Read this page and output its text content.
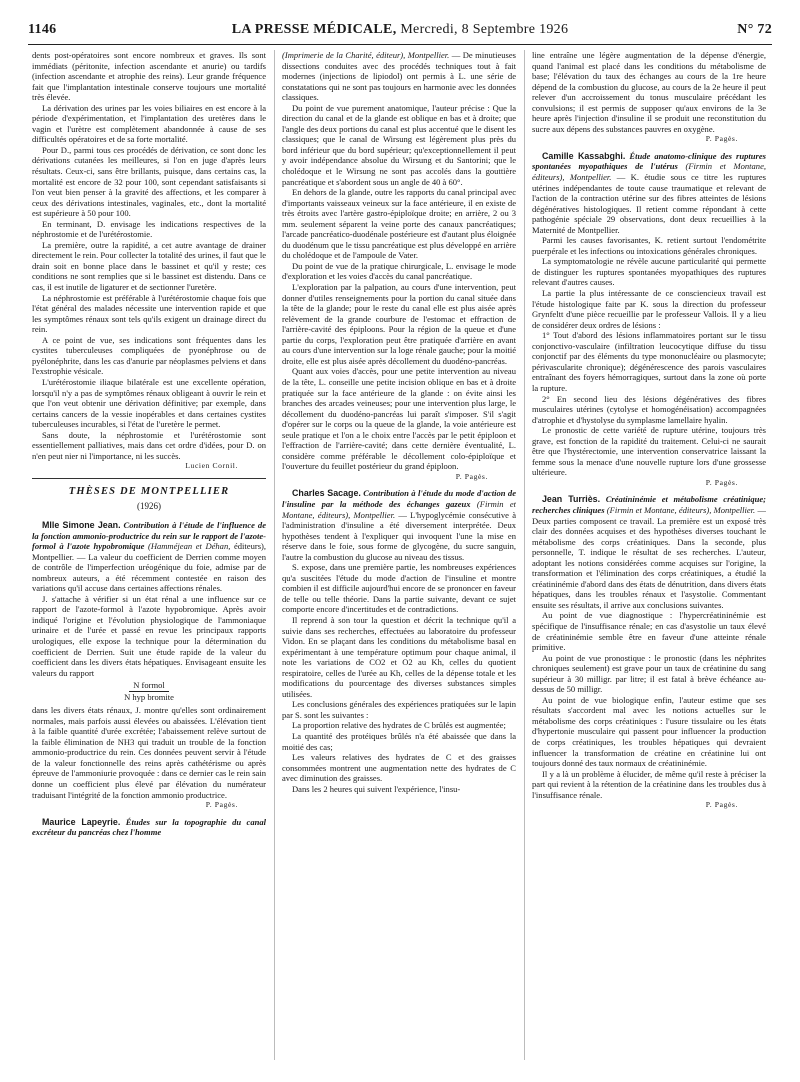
1146	LA PRESSE MÉDICALE, Mercredi, 8 Septembre 1926	N° 72

dents post-opératoires sont encore nombreux et graves. Ils sont immédiats (péritonite, infection ascendante et anurie) ou tardifs (infection ascendante et atrophie des reins). Leur grande fréquence fait que l'implantation intestinale conserve toujours une mortalité très élevée.

La dérivation des urines par les voies biliaires en est encore à la période d'expérimentation, et l'implantation des uretères dans le vagin et l'urètre est complètement abandonnée à cause de ses difficultés opératoires et de sa forte mortalité.

Pour D., parmi tous ces procédés de dérivation, ce sont donc les dérivations cutanées les meilleures, si l'on en juge d'après leurs résultats. Ceux-ci, sans être brillants, puisque, dans certains cas, la mortalité est encore de 32 pour 100, sont cependant satisfaisants si l'on veut bien penser à la gravité des affections, et les comparer à ceux des dérivations intestinales, vaginales, etc., dont la mortalité est supérieure à 50 pour 100.

En terminant, D. envisage les indications respectives de la néphrostomie et de l'urétérostomie.

La première, outre la rapidité, a cet autre avantage de drainer directement le rein. Pour collecter la totalité des urines, il faut que le drain soit en bonne place dans le bassinet et qu'il y reste; ces conditions ne sont remplies que si le bassinet est distendu. Dans ce cas, il est inutile de ligaturer et de sectionner l'uretère.

La néphrostomie est préférable à l'urétérostomie chaque fois que l'état général des malades nécessite une intervention rapide et que les symptômes rénaux sont tels qu'ils exigent un drainage direct du rein.

A ce point de vue, ses indications sont fréquentes dans les cystites tuberculeuses compliquées de pyonéphrose ou de pyélonéphrite, dans les cas d'anurie par néoplasmes pelviens et dans l'exstrophie vésicale.

L'urétérostomie iliaque bilatérale est une excellente opération, lorsqu'il n'y a pas de symptômes rénaux obligeant à ouvrir le rein et que l'on veut obtenir une dérivation définitive; par exemple, dans certains cancers de la vessie inopérables et dans certaines cystites tuberculeuses incurables, si l'état de l'uretère le permet.

Sans doute, la néphrostomie et l'urétérostomie sont essentiellement palliatives, mais dans cet ordre d'idées, pour D. on n'en peut nier ni l'importance, ni les succès.

Lucien Cornil.
THÈSES DE MONTPELLIER
(1926)

Mlle Simone Jean. Contribution à l'étude de l'influence de la fonction ammonio-productrice du rein sur le rapport de l'azote-formol à l'azote hypobromique (Hamméjean et Déhan, éditeurs), Montpellier. — La valeur du coefficient de Derrien comme moyen de contrôle de l'imperfection uréogénique du foie, admise par de nombreux auteurs, a été récemment contestée en raison des variations qu'il accuse dans certaines affections rénales.

J. s'attache à vérifier si un état rénal a une influence sur ce rapport de l'azote-formol à l'azote hypobromique. Après avoir indiqué l'origine et l'évolution physiologique de l'ammoniaque urinaire et de l'urée et passé en revue les principaux rapports urologiques, elle expose la technique pour la détermination du coefficient de Derrien. Suit une étude rapide de la valeur du coefficient dans les divers états hépatiques. Envisageant ensuite les valeurs du rapport

N formol
N hyp bromite

dans les divers états rénaux, J. montre qu'elles sont ordinairement normales, mais parfois aussi élevées ou abaissées. L'élévation tient à la faible quantité d'urée excrétée; l'abaissement relève surtout de la faible élimination de NH3 qui traduit un trouble de la fonction ammonio-productrice du rein. Ces données peuvent servir à l'étude de la valeur fonctionnelle des reins après cathétérisme ou après épreuve de l'ammoniurie provoquée : dans ce dernier cas le rein sain donne un coefficient plus élevé par élévation du numérateur traduisant l'intégrité de la fonction ammonio productrice.

P. Pagès.

Maurice Lapeyrie. Études sur la topographie du canal excréteur du pancréas chez l'homme

(Imprimerie de la Charité, éditeur), Montpellier. — De minutieuses dissections conduites avec des procédés techniques tout à fait modernes (injections de lipiodol) ont permis à L. une série de constatations qui ne sont pas toujours en harmonie avec les données classiques.

Du point de vue purement anatomique, l'auteur précise : Que la direction du canal et de la glande est oblique en bas et à droite; que l'angle des deux portions du canal est plus accentué que le disent les classiques; que le canal de Wirsung est légèrement plus près du bord inférieur que du bord supérieur; qu'exceptionnellement il peut y avoir indépendance absolue du Wirsung et du Santorini; que le cholédoque et le Wirsung ne sont pas accolés dans la gouttière pancréatique et s'abordent sous un angle de 40 à 60°.

En dehors de la glande, outre les rapports du canal principal avec d'importants vaisseaux veineux sur la face antérieure, il en existe de très étroits avec l'artère gastro-épiploïque droite; en arrière, 2 ou 3 mm. seulement séparent la veine porte des canaux pancréatiques; l'arcade pancréatico-duodénale postérieure est d'autant plus éloignée du duodénum que le tissu pancréatique est plus développé en arrière du cholédoque et de l'ampoule de Vater.

Du point de vue de la pratique chirurgicale, L. envisage le mode d'exploration et les voies d'accès du canal pancréatique.

L'exploration par la palpation, au cours d'une intervention, peut donner d'utiles renseignements pour la portion du canal située dans la tête de la glande; pour le reste du canal elle est plus aisée après relèvement de la grande courbure de l'estomac et effraction de l'arrière-cavité des épiploons. Pour la région de la queue et d'une partie du corps, l'exploration peut être pratiquée d'arrière en avant au cours d'une intervention sur la loge rénale gauche; pour la moitié droite, elle est plus aisée après décollement du duodéno-pancréas.

Quant aux voies d'accès, pour une petite intervention au niveau de la tête, L. conseille une petite incision oblique en bas et à droite pratiquée sur la face antérieure de la glande : on évite ainsi les branches des arcades veineuses; pour une intervention plus large, le décollement du duodéno-pancréas lui paraît s'imposer. S'il s'agit d'opérer sur le corps ou la queue de la glande, la voie antérieure est seule pratique et l'on a le choix entre l'accès par le petit épiploon et l'effraction de l'arrière-cavité; dans cette dernière éventualité, L. considère comme préférable le décollement colo-épiploïque et l'ouverture du feuillet postérieur du grand épiploon.

P. Pagès.

Charles Sacage. Contribution à l'étude du mode d'action de l'insuline par la méthode des échanges gazeux (Firmin et Montane, éditeurs), Montpellier. — L'hypoglycémie consécutive à l'administration d'insuline a été diversement interprétée. Deux hypothèses tendent à l'expliquer qui invoquent l'une la mise en réserve dans le foie, sous forme de glycogène, du sucre sanguin, l'autre la combustion du glucose au niveau des tissus.

S. expose, dans une première partie, les nombreuses expériences qu'a suscitées l'étude du mode d'action de l'insuline et montre combien il est difficile aujourd'hui encore de se prononcer en faveur de telle ou telle théorie. Dans la partie suivante, devant ce sujet comporte encore d'incertitudes et de contradictions.

Il reprend à son tour la question et décrit la technique qu'il a suivie dans ses recherches, effectuées au laboratoire du professeur Vidon. En se plaçant dans les conditions du métabolisme basal en expérimentant à une température optimum pour chaque animal, il note les variations de CO2 et O2 au Kh, celles du quotient respiratoire, celles de l'urée au Kh, celles de la dépense totale et les modifications du pourcentage des diverses substances simples utilisées.

Les conclusions générales des expériences pratiquées sur le lapin par S. sont les suivantes :

La proportion relative des hydrates de C brûlés est augmentée;

La quantité des protéiques brûlés n'a été abaissée que dans la moitié des cas;

Les valeurs relatives des hydrates de C et des graisses consommées montrent une augmentation nette des hydrates de C avec diminution des graisses.

Dans les 2 heures qui suivent l'expérience, l'insu-

line entraîne une légère augmentation de la dépense d'énergie, quand l'animal est placé dans les conditions du métabolisme de base; l'élévation du taux des échanges au cours de la 1re heure dépend de la combustion du glucose, au cours de la 2e heure il peut relever d'un accroissement du tonus musculaire précédant les convulsions; il est permis de supposer qu'aux environs de la 3e heure après l'injection d'insuline il se produit une reconstitution du sucre aux dépens des substances pauvres en oxygène.

P. Pagès.

Camille Kassabghi. Étude anatomo-clinique des ruptures spontanées myopathiques de l'utérus (Firmin et Montane, éditeurs), Montpellier. — K. étudie sous ce titre les ruptures utérines indépendantes de toute cause traumatique et relevant de l'action de la contraction utérine sur des fibres atteintes de lésions dégénératives histologiques. Il retient comme répondant à cette pathogénie spéciale 29 observations, dont deux recueillies à la Maternité de Montpellier.

Parmi les causes favorisantes, K. retient surtout l'endométrite puerpérale et les infections ou intoxications générales chroniques.

La symptomatologie ne révèle aucune particularité qui permette de distinguer les ruptures spontanées myopathiques des ruptures relevant d'autres causes.

La partie la plus intéressante de ce consciencieux travail est l'étude histologique faite par K. sous la direction du professeur Grynfeltt d'une pièce recueillie par le professeur Vallois. Il y a lieu de considérer deux ordres de lésions :

1° Tout d'abord des lésions inflammatoires portant sur le tissu conjonctivo-vasculaire (infiltration leucocytique diffuse du tissu conjonctif par des éléments du type mononucléaire ou plasmocyte; périvascularite chronique); dégénérescence des parois vasculaires entraînant des foyers hémorragiques, surtout dans la zone où porte la rupture.

2° En second lieu des lésions dégénératives des fibres musculaires utérines (cytolyse et homogénéisation) accompagnées d'atrophie et d'hystolyse du symplasme lamellaire hyalin.

Le pronostic de cette variété de rupture utérine, toujours très grave, est fonction de la rapidité du traitement. Celui-ci ne saurait être que l'hystérectomie, une intervention conservatrice laissant la femme sous la menace d'une nouvelle rupture lors d'une grossesse ultérieure.

P. Pagès.

Jean Turriès. Créatininémie et métabolisme créatinique; recherches cliniques (Firmin et Montane, éditeurs), Montpellier. — Deux parties composent ce travail. La première est un exposé très clair des données acquises et des hypothèses diverses touchant le métabolisme des corps créatiniques. Dans la seconde, plus personnelle, T. indique le résultat de ses recherches. L'auteur, adoptant les notions considérées comme acquises sur l'origine, la transformation et l'élimination des corps créatiniques, a étudié la créatininémie d'abord dans des états de dénutrition, dans divers états hépatiques, dans les troubles rénaux et l'asystolie. Commentant ensuite ses résultats, il arrive aux conclusions suivantes.

Au point de vue diagnostique : l'hypercréatininémie est spécifique de l'insuffisance rénale; en cas d'asystolie un taux élevé de créatininémie semble être en faveur d'une atteinte rénale primitive.

Au point de vue pronostique : le pronostic (dans les néphrites chroniques seulement) est grave pour un taux de créatinine du sang supérieur à 30 milligr. par litre; il est fatal à brève échéance au-dessus de 50 milligr.

Au point de vue biologique enfin, l'auteur estime que ses résultats s'accordent mal avec les notions actuelles sur le métabolisme des corps créatiniques : l'usure tissulaire ou les états d'hypertonie musculaire qui passent pour influencer la production de corps créatiniques, les troubles hépatiques qui devraient influencer la transformation de créatine en créatinine lui ont toujours donné des taux normaux de créatininémie.

Il y a là un problème à élucider, de même qu'il reste à préciser la part qui revient à la rétention de la créatinine dans les troubles dus à l'insuffisance rénale.

P. Pagès.
